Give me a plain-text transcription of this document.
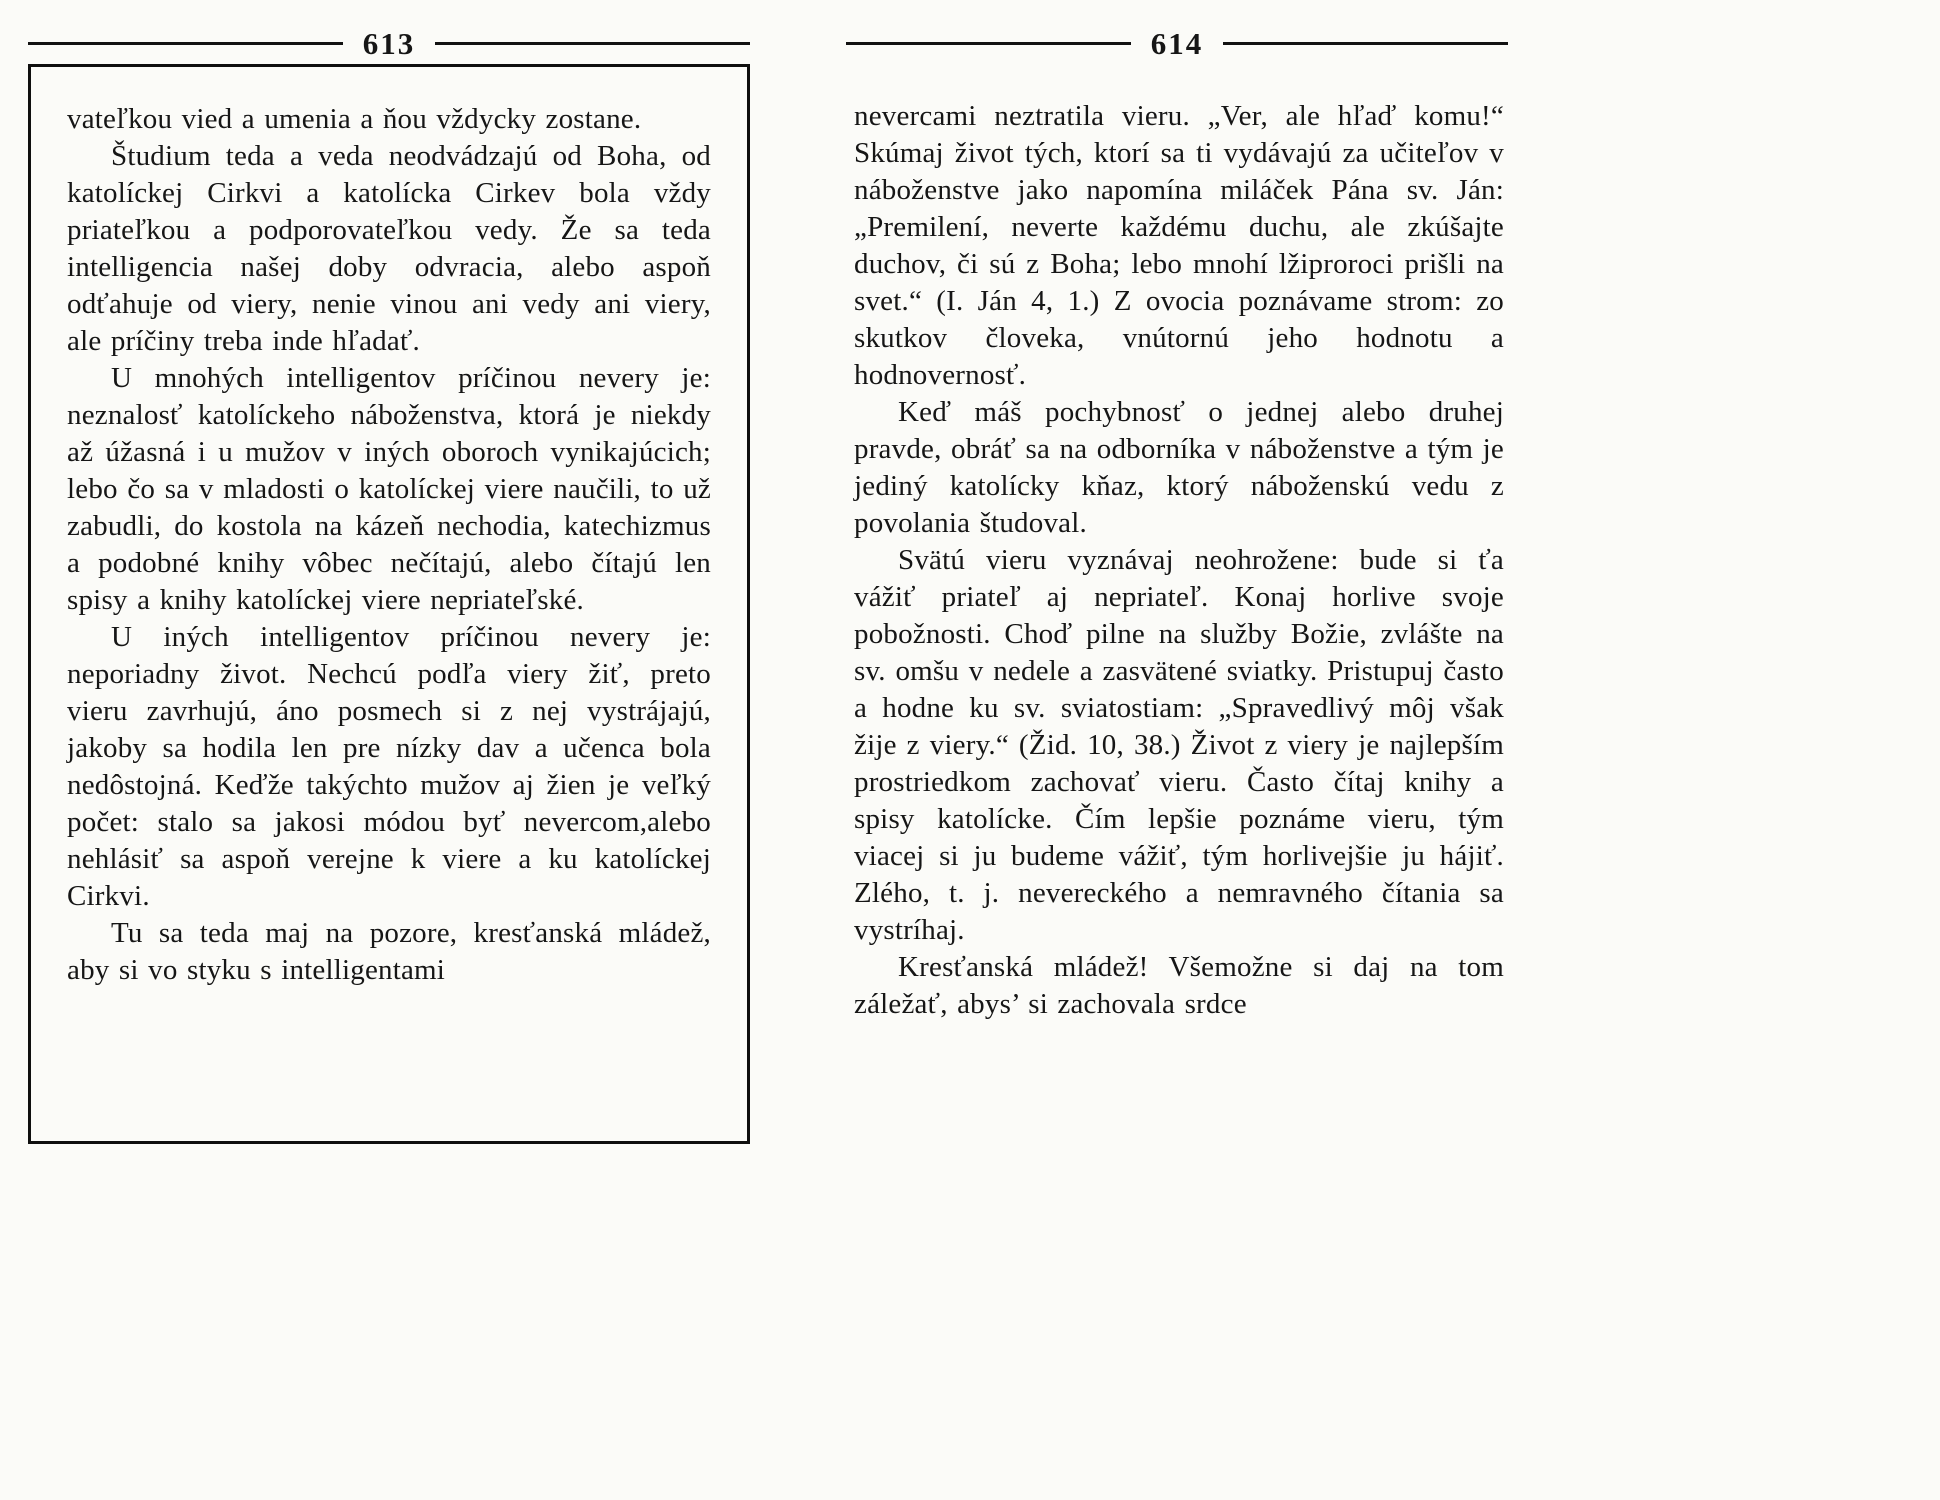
613

vateľkou vied a umenia a ňou vždycky zostane.

Študium teda a veda neodvádzajú od Boha, od katolíckej Cirkvi a katolícka Cirkev bola vždy priateľkou a podporovateľkou vedy. Že sa teda intelligencia našej doby odvracia, alebo aspoň odťahuje od viery, nenie vinou ani vedy ani viery, ale príčiny treba inde hľadať.

U mnohých intelligentov príčinou nevery je: neznalosť katolíckeho náboženstva, ktorá je niekdy až úžasná i u mužov v iných oboroch vynikajúcich; lebo čo sa v mladosti o katolíckej viere naučili, to už zabudli, do kostola na kázeň nechodia, katechizmus a podobné knihy vôbec nečítajú, alebo čítajú len spisy a knihy katolíckej viere nepriateľské.

U iných intelligentov príčinou nevery je: neporiadny život. Nechcú podľa viery žiť, preto vieru zavrhujú, áno posmech si z nej vystrájajú, jakoby sa hodila len pre nízky dav a učenca bola nedôstojná. Keďže takýchto mužov aj žien je veľký počet: stalo sa jakosi módou byť nevercom,alebo nehlásiť sa aspoň verejne k viere a ku katolíckej Cirkvi.

Tu sa teda maj na pozore, kresťanská mládež, aby si vo styku s intelligentami

614

nevercami neztratila vieru. „Ver, ale hľaď komu!“ Skúmaj život tých, ktorí sa ti vydávajú za učiteľov v náboženstve jako napomína miláček Pána sv. Ján: „Premilení, neverte každému duchu, ale zkúšajte duchov, či sú z Boha; lebo mnohí lžiproroci prišli na svet.“ (I. Ján 4, 1.) Z ovocia poznávame strom: zo skutkov človeka, vnútornú jeho hodnotu a hodnovernosť.

Keď máš pochybnosť o jednej alebo druhej pravde, obráť sa na odborníka v náboženstve a tým je jediný katolícky kňaz, ktorý náboženskú vedu z povolania študoval.

Svätú vieru vyznávaj neohrožene: bude si ťa vážiť priateľ aj nepriateľ. Konaj horlive svoje pobožnosti. Choď pilne na služby Božie, zvlášte na sv. omšu v nedele a zasvätené sviatky. Pristupuj často a hodne ku sv. sviatostiam: „Spravedlivý môj však žije z viery.“ (Žid. 10, 38.) Život z viery je najlepším prostriedkom zachovať vieru. Často čítaj knihy a spisy katolícke. Čím lepšie poznáme vieru, tým viacej si ju budeme vážiť, tým horlivejšie ju hájiť. Zlého, t. j. nevereckého a nemravného čítania sa vystríhaj.

Kresťanská mládež! Všemožne si daj na tom záležať, abys’ si zachovala srdce
